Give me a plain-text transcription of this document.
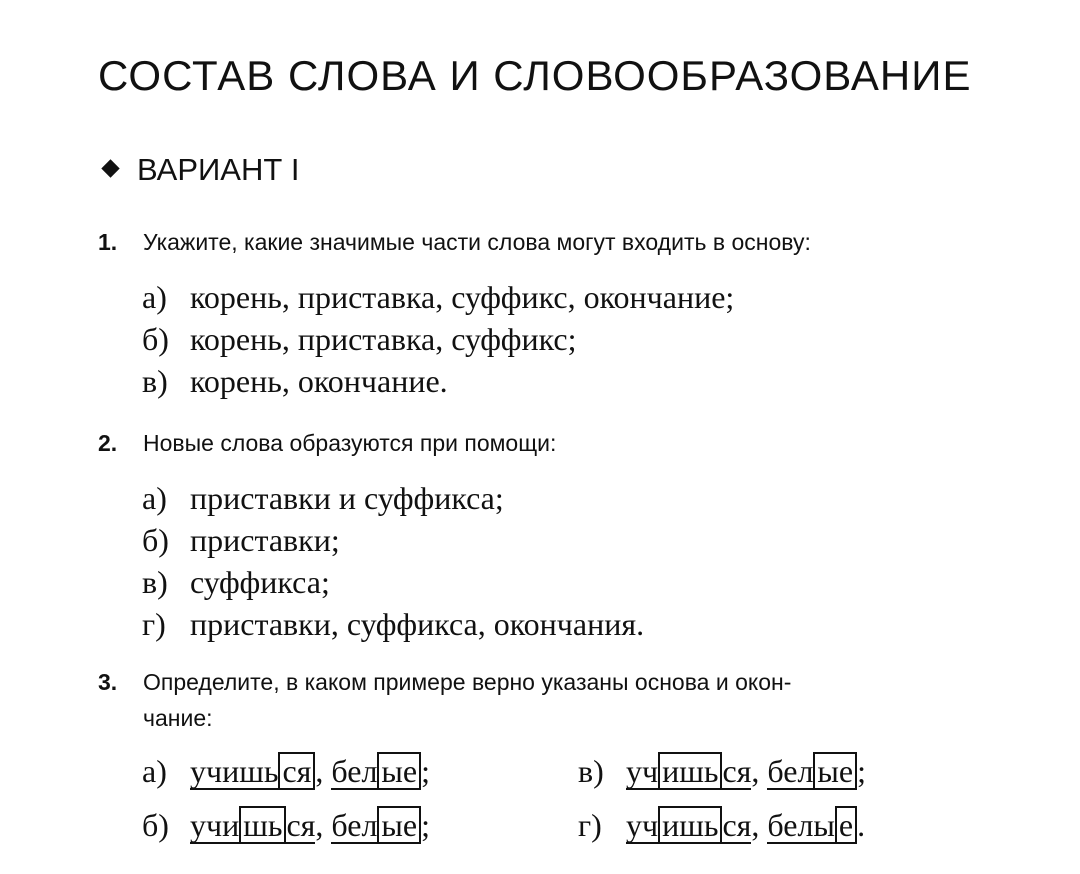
СОСТАВ СЛОВА И СЛОВООБРАЗОВАНИЕ
ВАРИАНТ I
1. Укажите, какие значимые части слова могут входить в основу:
а) корень, приставка, суффикс, окончание;
б) корень, приставка, суффикс;
в) корень, окончание.
2. Новые слова образуются при помощи:
а) приставки и суффикса;
б) приставки;
в) суффикса;
г) приставки, суффикса, окончания.
3. Определите, в каком примере верно указаны основа и окон-
чание:
а) учишь ся , бел ые ;	в) уч ишь ся, бел ые ;
б) учи шь ся, бел ые ;	г) уч ишь ся, белы е .
